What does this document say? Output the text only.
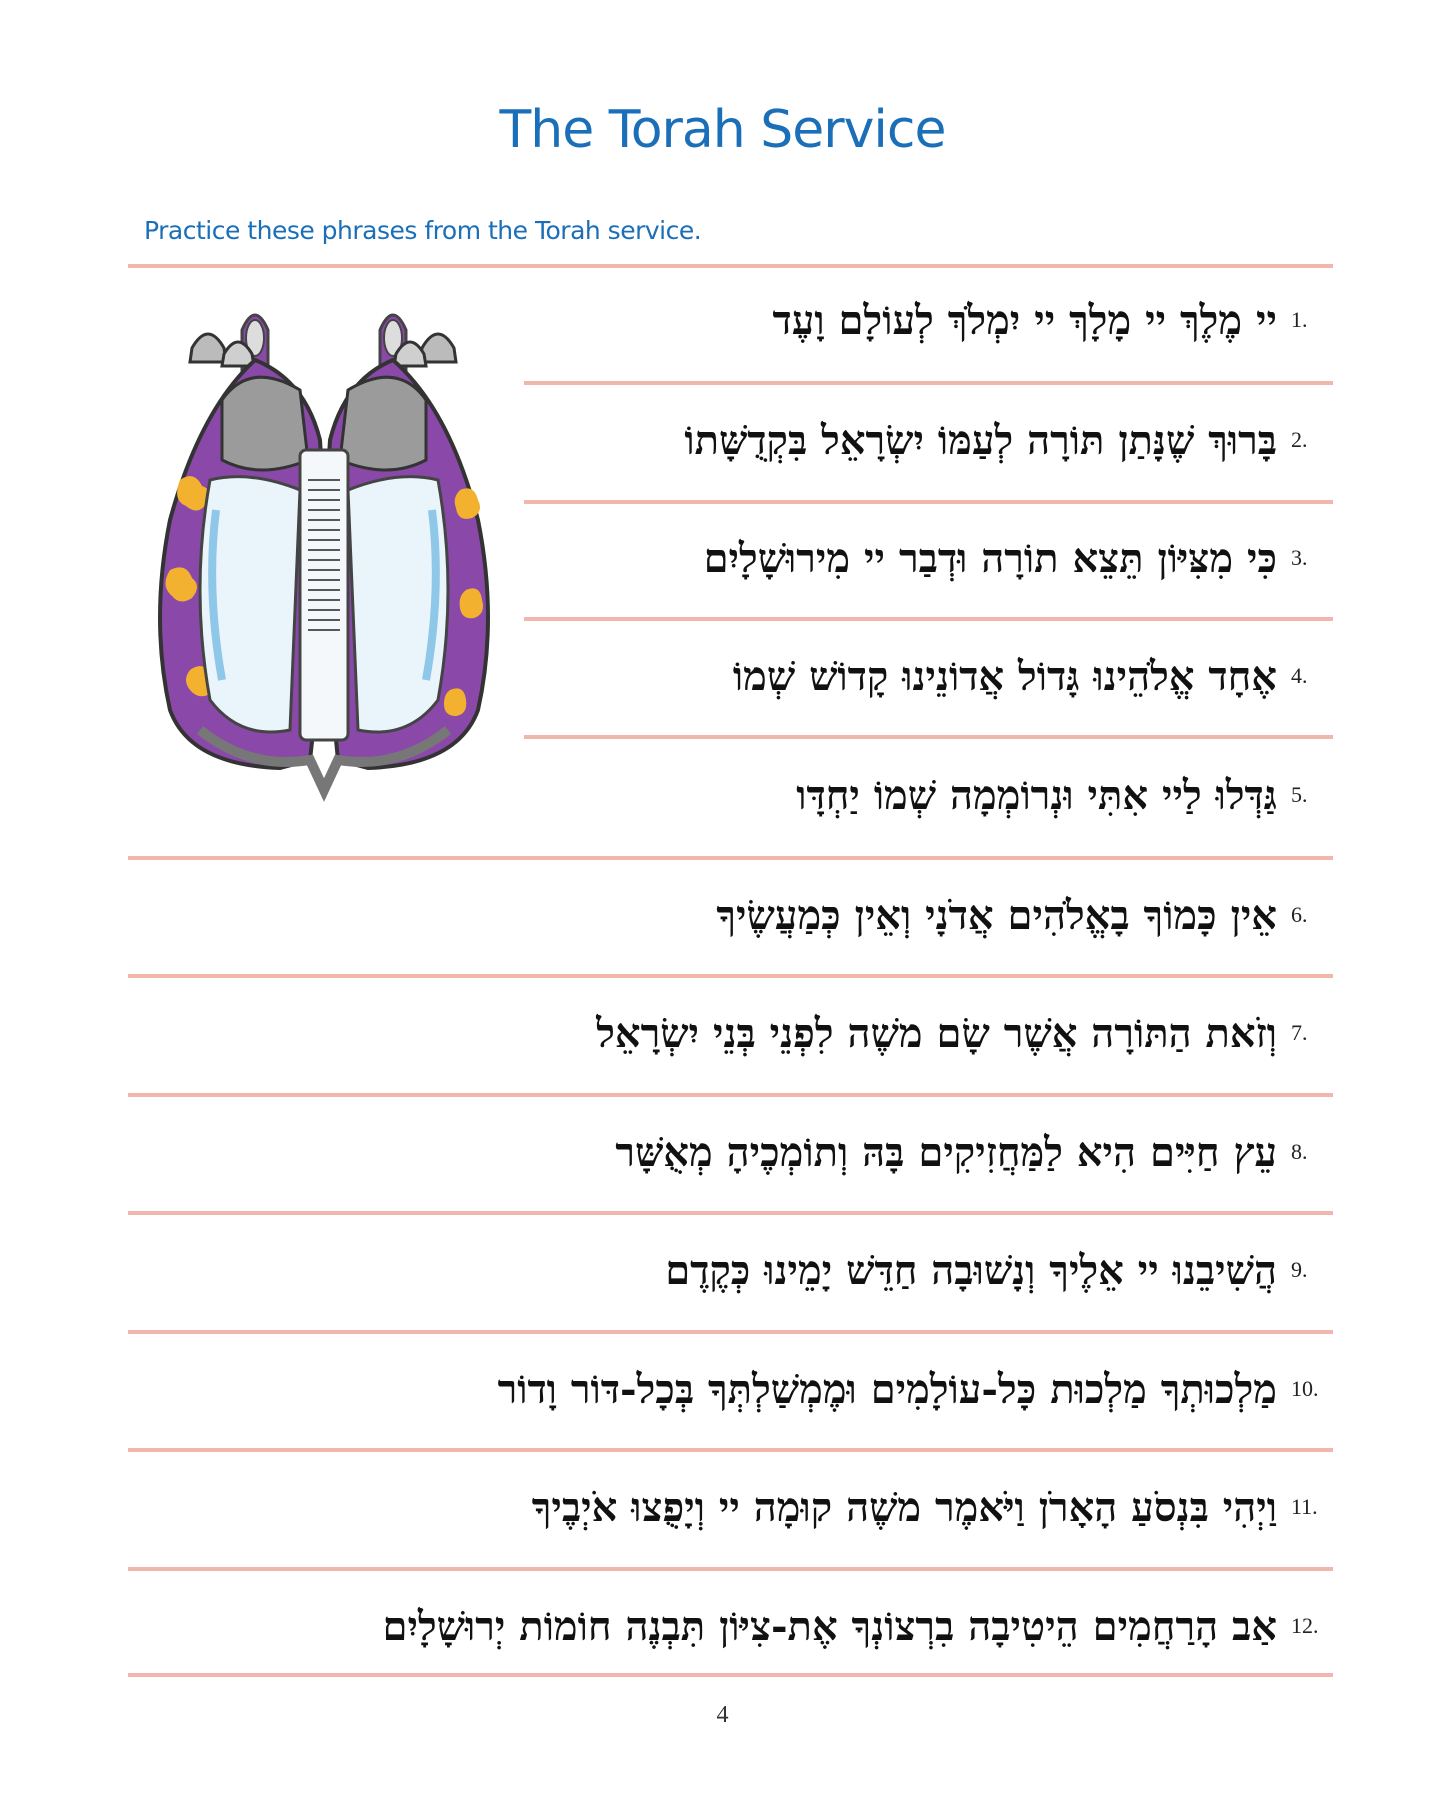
The Torah Service
Practice these phrases from the Torah service.
יי מֶלֶךְ יי מָלָךְ יי יִמְלֹךְ לְעוֹלָם וָעֶד 1.
בָּרוּךְ שֶׁנָּתַן תּוֹרָה לְעַמּוֹ יִשְׂרָאֵל בִּקְדֻשָּׁתוֹ 2.
כִּי מִצִּיּוֹן תֵּצֵא תוֹרָה וּדְבַר יי מִירוּשָׁלָיִם 3.
אֶחָד אֱלֹהֵינוּ גָּדוֹל אֲדוֹנֵינוּ קָדוֹשׁ שְׁמוֹ 4.
גַּדְּלוּ לַיי אִתִּי וּנְרוֹמְמָה שְׁמוֹ יַחְדָּו 5.
אֵין כָּמוֹךָ בָאֱלֹהִים אֲדֹנָי וְאֵין כְּמַעֲשֶׂיךָ 6.
וְזֹאת הַתּוֹרָה אֲשֶׁר שָׂם משֶׁה לִפְנֵי בְּנֵי יִשְׂרָאֵל 7.
עֵץ חַיִּים הִיא לַמַּחֲזִיקִים בָּהּ וְתוֹמְכֶיהָ מְאֻשָּׁר 8.
הֲשִׁיבֵנוּ יי אֵלֶיךָ וְנָשׁוּבָה חַדֵּשׁ יָמֵינוּ כְּקֶדֶם 9.
מַלְכוּתְךָ מַלְכוּת כָּל-עוֹלָמִים וּמֶמְשַׁלְתְּךָ בְּכָל-דּוֹר וָדוֹר 10.
וַיְהִי בִּנְסֹעַ הָאָרֹן וַיֹּאמֶר משֶׁה קוּמָה יי וְיָפֻצוּ אֹיְבֶיךָ 11.
אַב הָרַחֲמִים הֵיטִיבָה בִרְצוֹנְךָ אֶת-צִיּוֹן תִּבְנֶה חוֹמוֹת יְרוּשָׁלָיִם 12.
4
